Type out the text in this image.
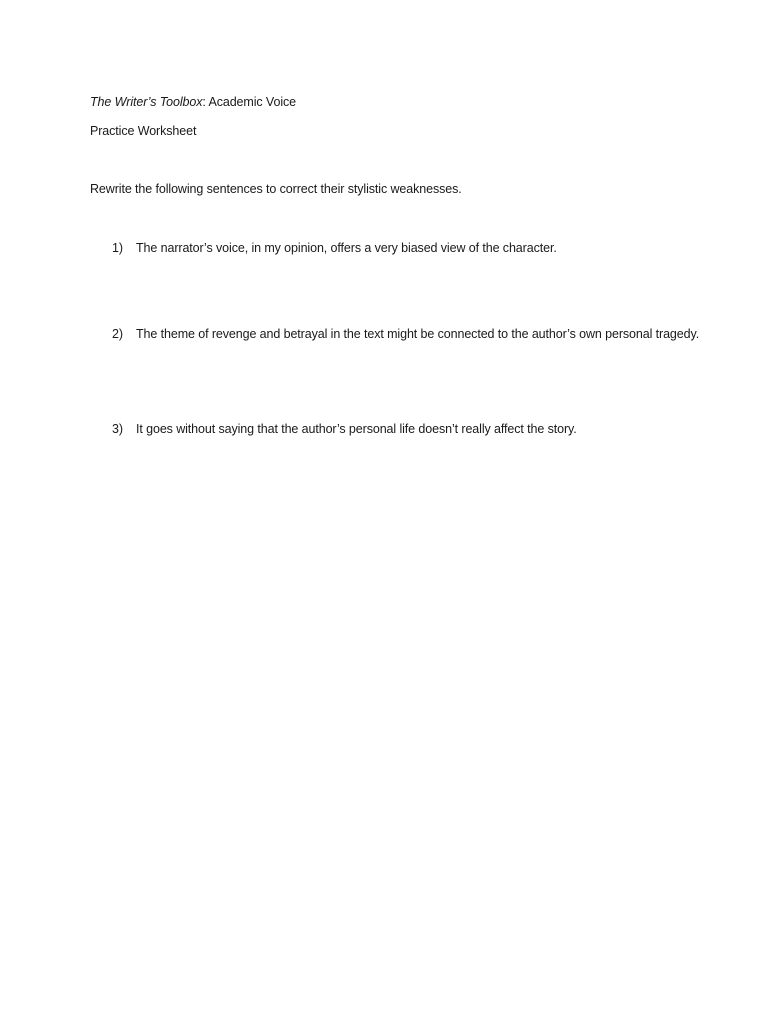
The Writer’s Toolbox: Academic Voice
Practice Worksheet
Rewrite the following sentences to correct their stylistic weaknesses.
1) The narrator’s voice, in my opinion, offers a very biased view of the character.
2) The theme of revenge and betrayal in the text might be connected to the author’s own personal tragedy.
3) It goes without saying that the author’s personal life doesn’t really affect the story.
